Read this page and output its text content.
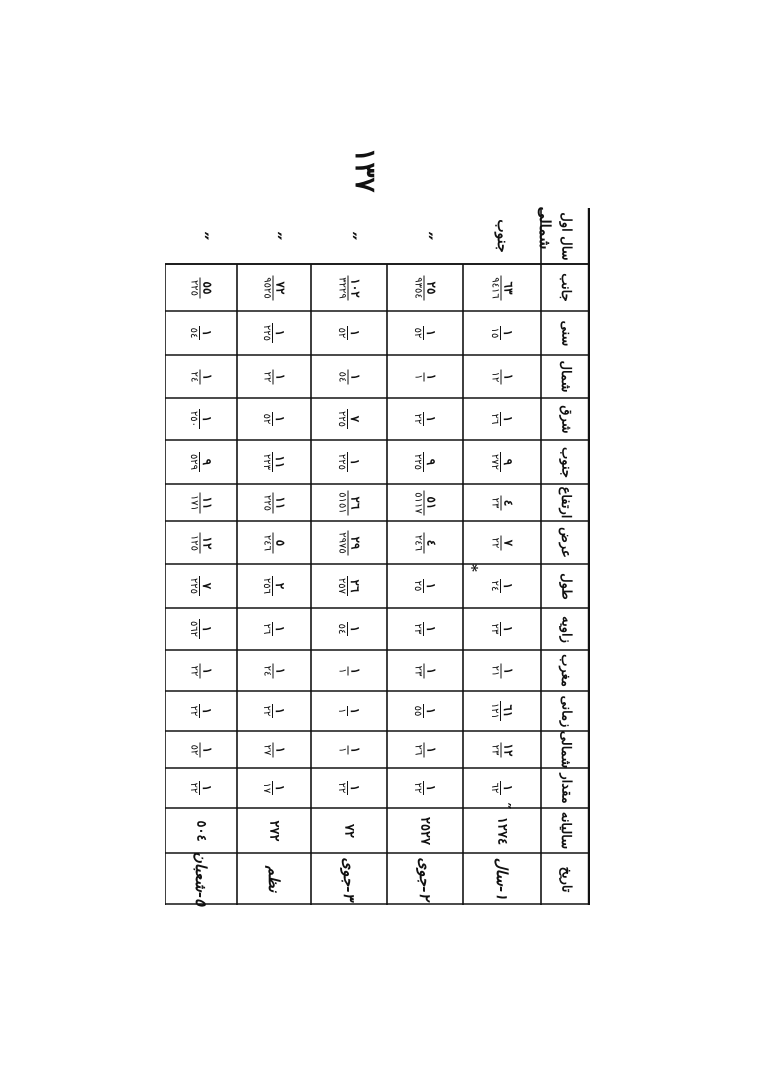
١٣٧
سال اول
جانب
سنی
شمال
شرق
جنوب
ارتفاع
عرض
طول
زاویه
مغرب
زمانی
شمالی
مقدار
سالیانه
تاریخ
″
٥٥
٢٢٥
١
٥٤
١
٢٤
١
٢٥٠
٩
٥٢٩
١١
١٧١
١٢
١٢٥
٧
٢٢٥
١
٥٦٢
١
٢٢
١
٢٢
١
٥٢
١
٢٢
٥٠٤
٥-شعبان
″
٧٢
٩٥٢٥
١
٢٢٥
١
٢٢
١
٥٢
١١
٢٢٣
١١
٢٢٥
٥
٢٤٦
٢
٢٥٦
١
٢٦
١
٢٤
١
٢٢
١
٢٧
١
١٧
٢٧٢
نظم
″
١٠٢
٣٢٢٩
١
٥٢
١
٥٤
٧
٢٢٥
١
٢٢٥
٢٦
٥١٥١
٢٩
٢٩٧٥
٢٦
٢٥٧
١
٥٤
١
١
١
١
١
١
١
٢٢
٧٢
٣-جوی
″
٢٥
٩٣٥٤
١
٥٢
١
١
١
٢٢
٩
٢٢٥
٥١
٥١١٧
٤
٢٤٦
١
٢٥
١
٢٣
١
٢٣
١
٥٥
١
٢٦
١
٢٢
٢٥٢٧
٢-جوی
جنوب
٦٣
٩٤١٦
١
١٥
١
١٢
١
٢٦
٩
٢٧٢
٤
٢٣
٧
٢٢
١
٢٤
١
٢٣
١
٢١
٦١
١٢١
١٢
٢٣
١
٦٢
١٢٧٤
١-سال
شمالی
∗
″
